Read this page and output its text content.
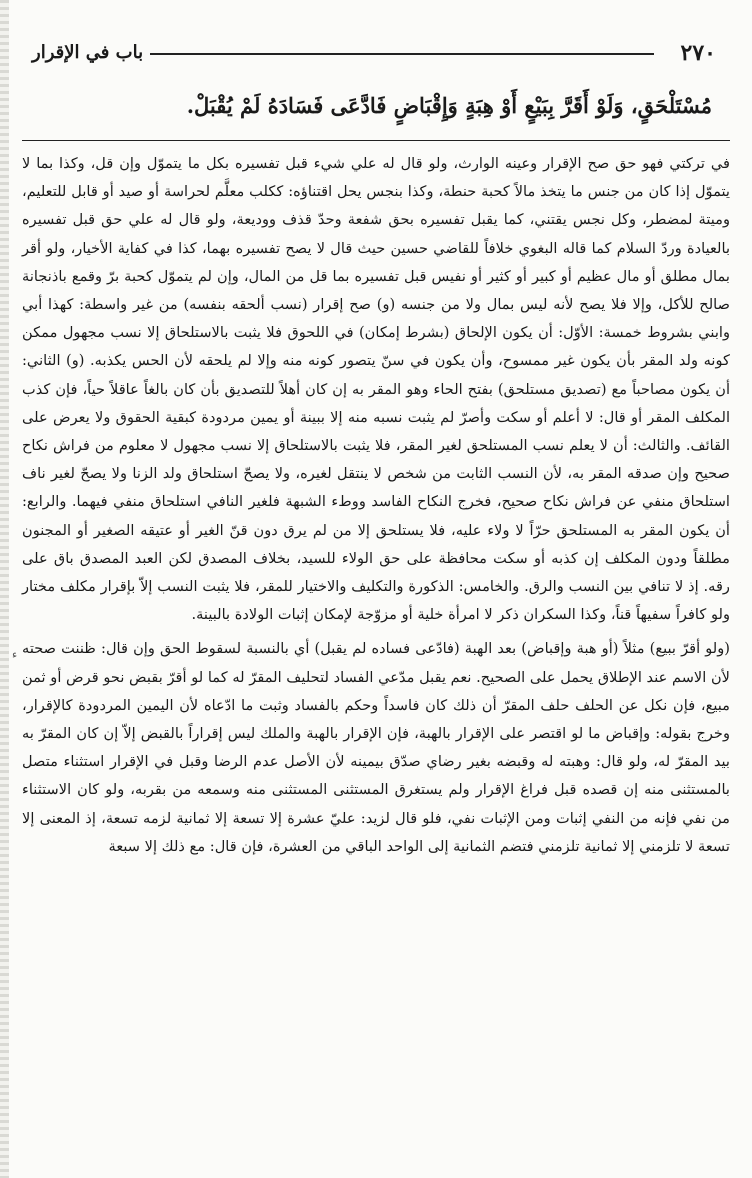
٢٧٠
باب في الإقرار
مُسْتَلْحَقٍ، وَلَوْ أَقَرَّ بِبَيْعٍ أَوْ هِبَةٍ وَإِقْبَاضٍ فَادَّعَى فَسَادَهُ لَمْ يُقْبَلْ.

في تركتي فهو حق صح الإقرار وعينه الوارث، ولو قال له علي شيء قبل تفسيره بكل ما يتموّل وإن قل، وكذا بما لا يتموّل إذا كان من جنس ما يتخذ مالاً كحبة حنطة، وكذا بنجس يحل اقتناؤه: ككلب معلَّم لحراسة أو صيد أو قابل للتعليم، وميتة لمضطر، وكل نجس يقتني، كما يقبل تفسيره بحق شفعة وحدّ قذف ووديعة، ولو قال له علي حق قبل تفسيره بالعيادة وردّ السلام كما قاله البغوي خلافاً للقاضي حسين حيث قال لا يصح تفسيره بهما، كذا في كفاية الأخيار، ولو أقر بمال مطلق أو مال عظيم أو كبير أو كثير أو نفيس قبل تفسيره بما قل من المال، وإن لم يتموّل كحبة برّ وقمع باذنجانة صالح للأكل، وإلا فلا يصح لأنه ليس بمال ولا من جنسه (و) صح إقرار (نسب ألحقه بنفسه) من غير واسطة: كهذا أبي وابني بشروط خمسة: الأوّل: أن يكون الإلحاق (بشرط إمكان) في اللحوق فلا يثبت بالاستلحاق إلا نسب مجهول ممكن كونه ولد المقر بأن يكون غير ممسوح، وأن يكون في سنّ يتصور كونه منه وإلا لم يلحقه لأن الحس يكذبه. (و) الثاني: أن يكون مصاحباً مع (تصديق مستلحق) بفتح الحاء وهو المقر به إن كان أهلاً للتصديق بأن كان بالغاً عاقلاً حياً، فإن كذب المكلف المقر أو قال: لا أعلم أو سكت وأصرّ لم يثبت نسبه منه إلا ببينة أو يمين مردودة كبقية الحقوق ولا يعرض على القائف. والثالث: أن لا يعلم نسب المستلحق لغير المقر، فلا يثبت بالاستلحاق إلا نسب مجهول لا معلوم من فراش نكاح صحيح وإن صدقه المقر به، لأن النسب الثابت من شخص لا ينتقل لغيره، ولا يصحّ استلحاق ولد الزنا ولا يصحّ لغير ناف استلحاق منفي عن فراش نكاح صحيح، فخرج النكاح الفاسد ووطء الشبهة فلغير النافي استلحاق منفي فيهما. والرابع: أن يكون المقر به المستلحق حرّاً لا ولاء عليه، فلا يستلحق إلا من لم يرق دون قنّ الغير أو عتيقه الصغير أو المجنون مطلقاً ودون المكلف إن كذبه أو سكت محافظة على حق الولاء للسيد، بخلاف المصدق لكن العبد المصدق باق على رقه. إذ لا تنافي بين النسب والرق. والخامس: الذكورة والتكليف والاختيار للمقر، فلا يثبت النسب إلاّ بإقرار مكلف مختار ولو كافراً سفيهاً قناً، وكذا السكران ذكر لا امرأة خلية أو مزوّجة لإمكان إثبات الولادة بالبينة.

(ولو أقرّ ببيع) مثلاً (أو هبة وإقباض) بعد الهبة (فادّعى فساده لم يقبل) أي بالنسبة لسقوط الحق وإن قال: ظننت صحته لأن الاسم عند الإطلاق يحمل على الصحيح. نعم يقبل مدّعي الفساد لتحليف المقرّ له كما لو أقرّ بقبض نحو قرض أو ثمن مبيع، فإن نكل عن الحلف حلف المقرّ أن ذلك كان فاسداً وحكم بالفساد وثبت ما ادّعاه لأن اليمين المردودة كالإقرار، وخرج بقوله: وإقباض ما لو اقتصر على الإقرار بالهبة، فإن الإقرار بالهبة والملك ليس إقراراً بالقبض إلاّ إن كان المقرّ به بيد المقرّ له، ولو قال: وهبته له وقبضه بغير رضاي صدّق بيمينه لأن الأصل عدم الرضا وقبل في الإقرار استثناء متصل بالمستثنى منه إن قصده قبل فراغ الإقرار ولم يستغرق المستثنى المستثنى منه وسمعه من بقربه، ولو كان الاستثناء من نفي فإنه من النفي إثبات ومن الإثبات نفي، فلو قال لزيد: عليّ عشرة إلا تسعة إلا ثمانية لزمه تسعة، إذ المعنى إلا تسعة لا تلزمني إلا ثمانية تلزمني فتضم الثمانية إلى الواحد الباقي من العشرة، فإن قال: مع ذلك إلا سبعة

ء
